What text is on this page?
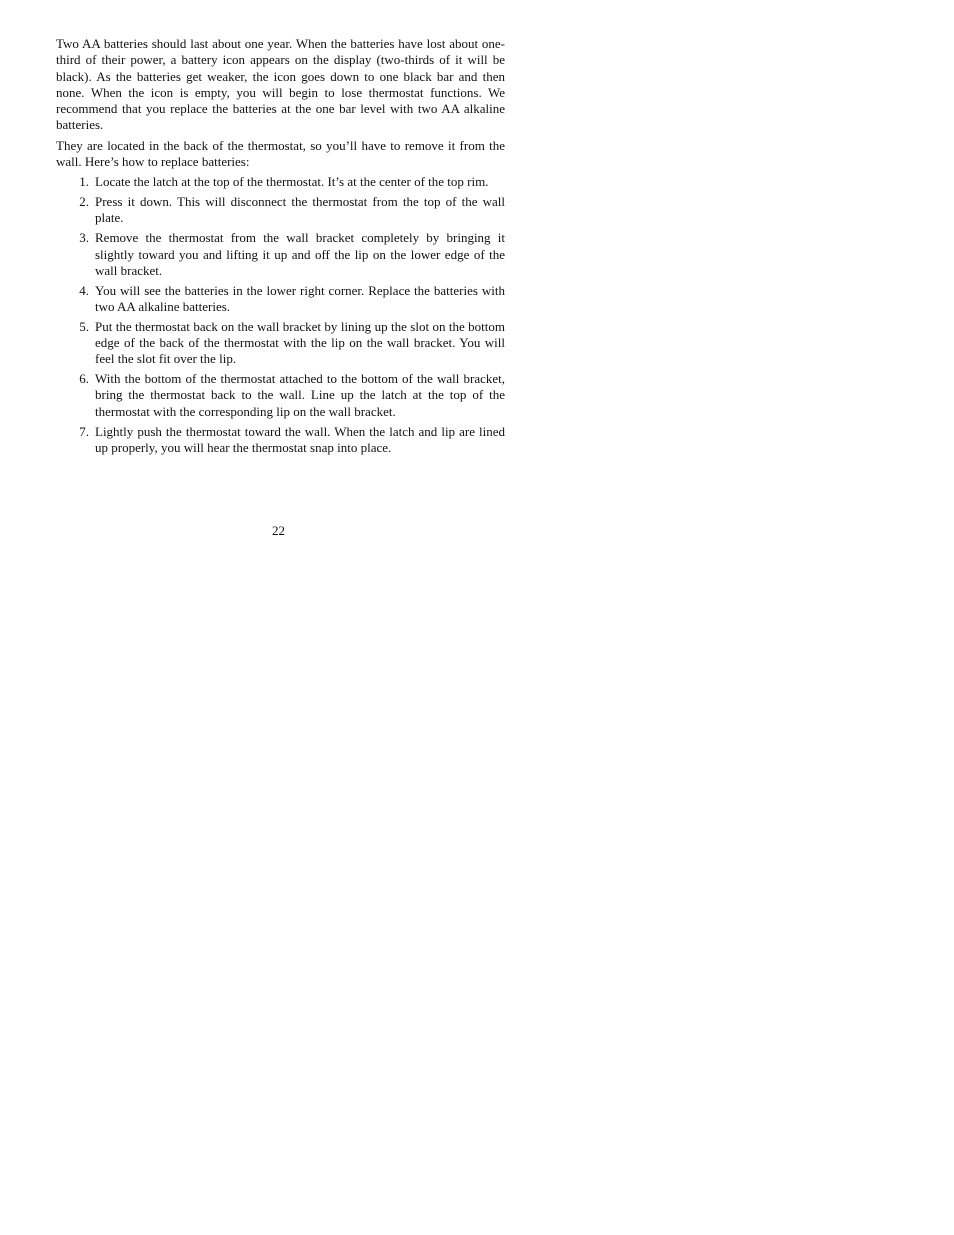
Two AA batteries should last about one year. When the batteries have lost about one-third of their power, a battery icon appears on the display (two-thirds of it will be black). As the batteries get weaker, the icon goes down to one black bar and then none. When the icon is empty, you will begin to lose thermostat functions. We recommend that you replace the batteries at the one bar level with two AA alkaline batteries.

They are located in the back of the thermostat, so you’ll have to remove it from the wall. Here’s how to replace batteries:

1. Locate the latch at the top of the thermostat. It’s at the center of the top rim.
2. Press it down. This will disconnect the thermostat from the top of the wall plate.
3. Remove the thermostat from the wall bracket completely by bringing it slightly toward you and lifting it up and off the lip on the lower edge of the wall bracket.
4. You will see the batteries in the lower right corner. Replace the batteries with two AA alkaline batteries.
5. Put the thermostat back on the wall bracket by lining up the slot on the bottom edge of the back of the thermostat with the lip on the wall bracket. You will feel the slot fit over the lip.
6. With the bottom of the thermostat attached to the bottom of the wall bracket, bring the thermostat back to the wall. Line up the latch at the top of the thermostat with the corresponding lip on the wall bracket.
7. Lightly push the thermostat toward the wall. When the latch and lip are lined up properly, you will hear the thermostat snap into place.
22
